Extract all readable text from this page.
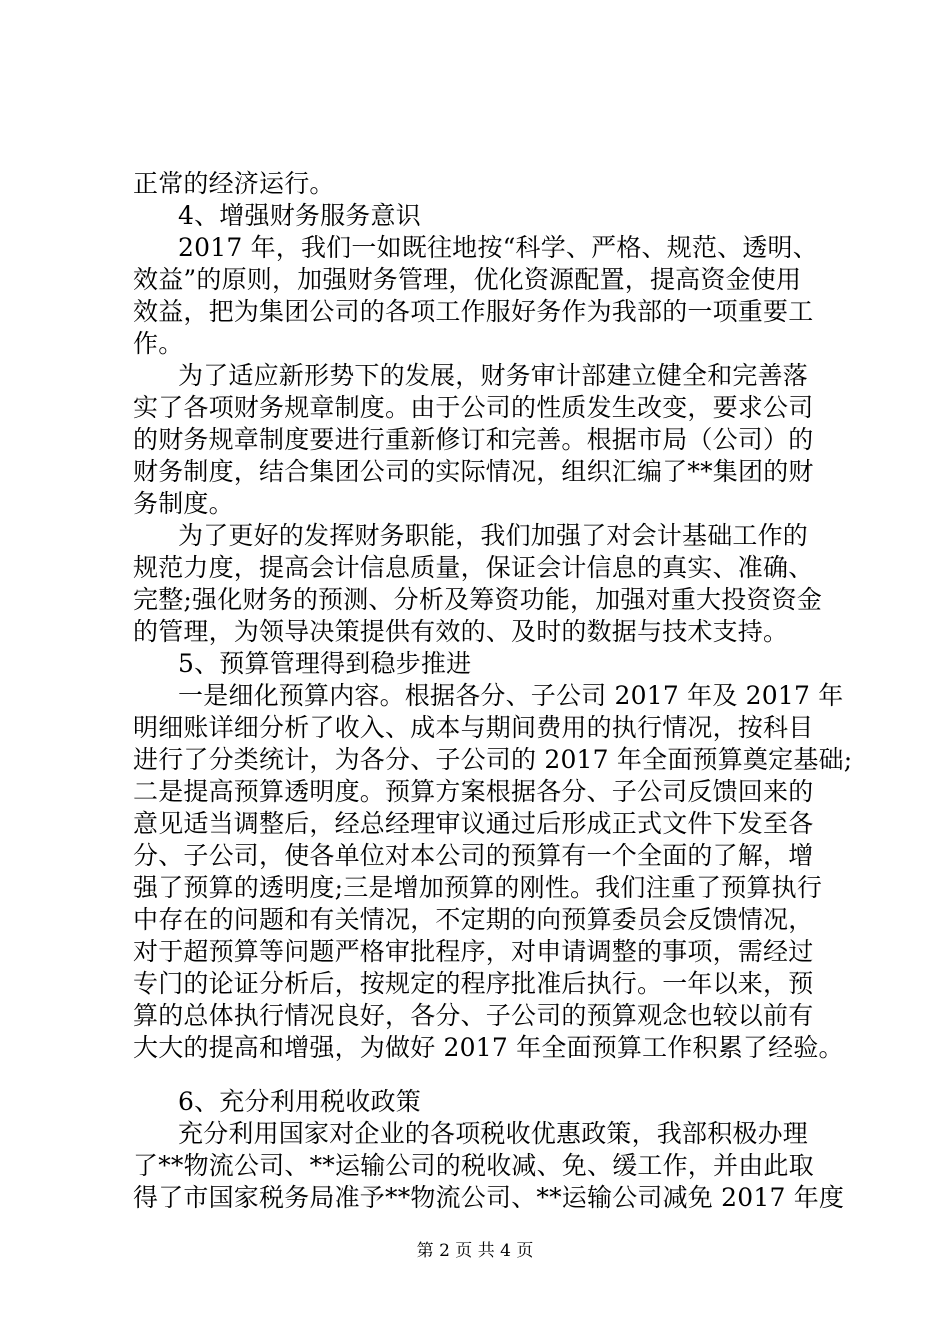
正常的经济运行。
4、增强财务服务意识
2017 年，我们一如既往地按“科学、严格、规范、透明、
效益”的原则，加强财务管理，优化资源配置，提高资金使用
效益，把为集团公司的各项工作服好务作为我部的一项重要工
作。
为了适应新形势下的发展，财务审计部建立健全和完善落
实了各项财务规章制度。由于公司的性质发生改变，要求公司
的财务规章制度要进行重新修订和完善。根据市局（公司）的
财务制度，结合集团公司的实际情况，组织汇编了**集团的财
务制度。
为了更好的发挥财务职能，我们加强了对会计基础工作的
规范力度，提高会计信息质量，保证会计信息的真实、准确、
完整;强化财务的预测、分析及筹资功能，加强对重大投资资金
的管理，为领导决策提供有效的、及时的数据与技术支持。
5、预算管理得到稳步推进
一是细化预算内容。根据各分、子公司 2017 年及 2017 年
明细账详细分析了收入、成本与期间费用的执行情况，按科目
进行了分类统计，为各分、子公司的 2017 年全面预算奠定基础;
二是提高预算透明度。预算方案根据各分、子公司反馈回来的
意见适当调整后，经总经理审议通过后形成正式文件下发至各
分、子公司，使各单位对本公司的预算有一个全面的了解，增
强了预算的透明度;三是增加预算的刚性。我们注重了预算执行
中存在的问题和有关情况，不定期的向预算委员会反馈情况，
对于超预算等问题严格审批程序，对申请调整的事项，需经过
专门的论证分析后，按规定的程序批准后执行。一年以来，预
算的总体执行情况良好，各分、子公司的预算观念也较以前有
大大的提高和增强，为做好 2017 年全面预算工作积累了经验。
6、充分利用税收政策
充分利用国家对企业的各项税收优惠政策，我部积极办理
了**物流公司、**运输公司的税收减、免、缓工作，并由此取
得了市国家税务局准予**物流公司、**运输公司减免 2017 年度
第 2 页 共 4 页
